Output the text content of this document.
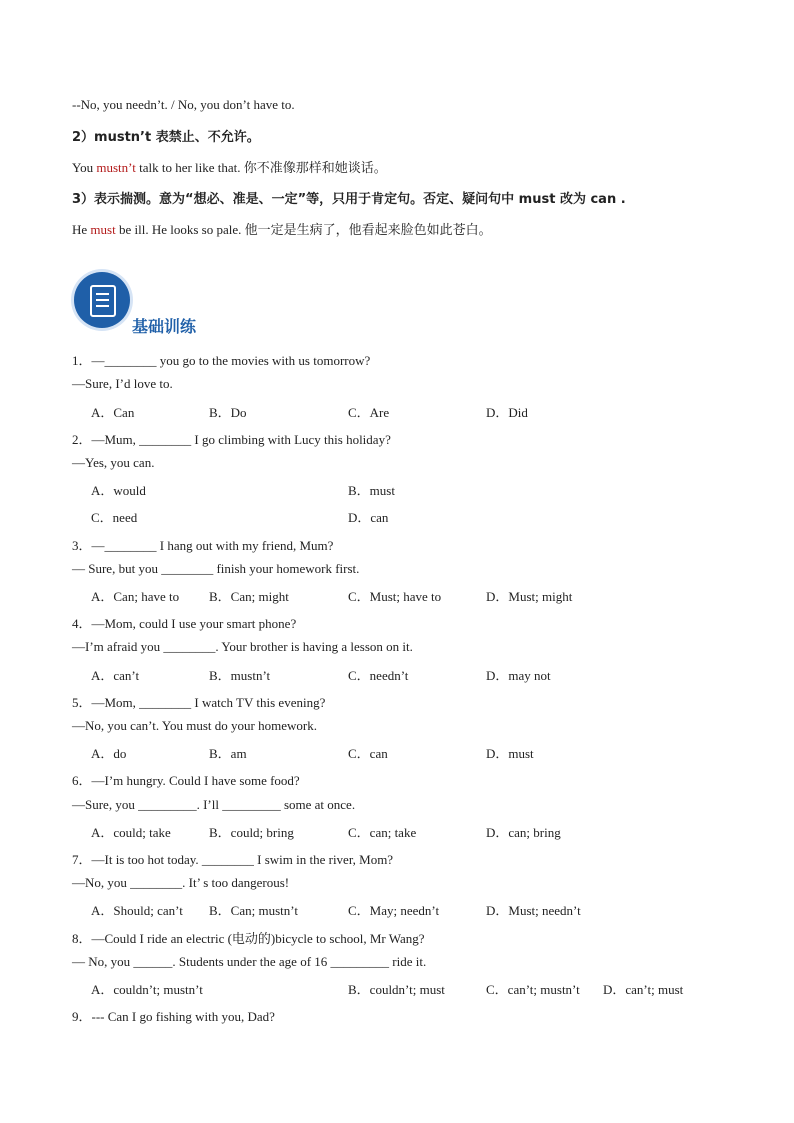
--No, you needn’t. / No, you don’t have to.
2）mustn’t 表禁止、不允许。
You mustn’t talk to her like that. 你不准像那样和她谈话。
3）表示揣测。意为“想必、准是、一定”等，只用于肯定句。否定、疑问句中 must 改为 can .
He must be ill. He looks so pale. 他一定是生病了，他看起来脸色如此苍白。
基础训练
1．—________ you go to the movies with us tomorrow?
—Sure, I’d love to.
A．Can	B．Do	C．Are	D．Did
2．—Mum, ________ I go climbing with Lucy this holiday?
—Yes, you can.
A．would	B．must
C．need	D．can
3．—________ I hang out with my friend, Mum?
— Sure, but you ________ finish your homework first.
A．Can; have to B．Can; might	C．Must; have to	D．Must; might
4．—Mom, could I use your smart phone?
—I’m afraid you ________. Your brother is having a lesson on it.
A．can’t	B．mustn’t	C．needn’t	D．may not
5．—Mom, ________ I watch TV this evening?
—No, you can’t. You must do your homework.
A．do	B．am	C．can	D．must
6．—I’m hungry. Could I have some food?
—Sure, you _________. I’ll _________ some at once.
A．could; take	B．could; bring	C．can; take	D．can; bring
7．—It is too hot today. ________ I swim in the river, Mom?
—No, you ________. It’ s too dangerous!
A．Should; can’t B．Can; mustn’t	C．May; needn’t	D．Must; needn’t
8．—Could I ride an electric (电动的)bicycle to school, Mr Wang?
— No, you ______. Students under the age of 16 _________ ride it.
A．couldn’t; mustn’t	B．couldn’t; must	C．can’t; mustn’t D．can’t; must
9．--- Can I go fishing with you, Dad?
